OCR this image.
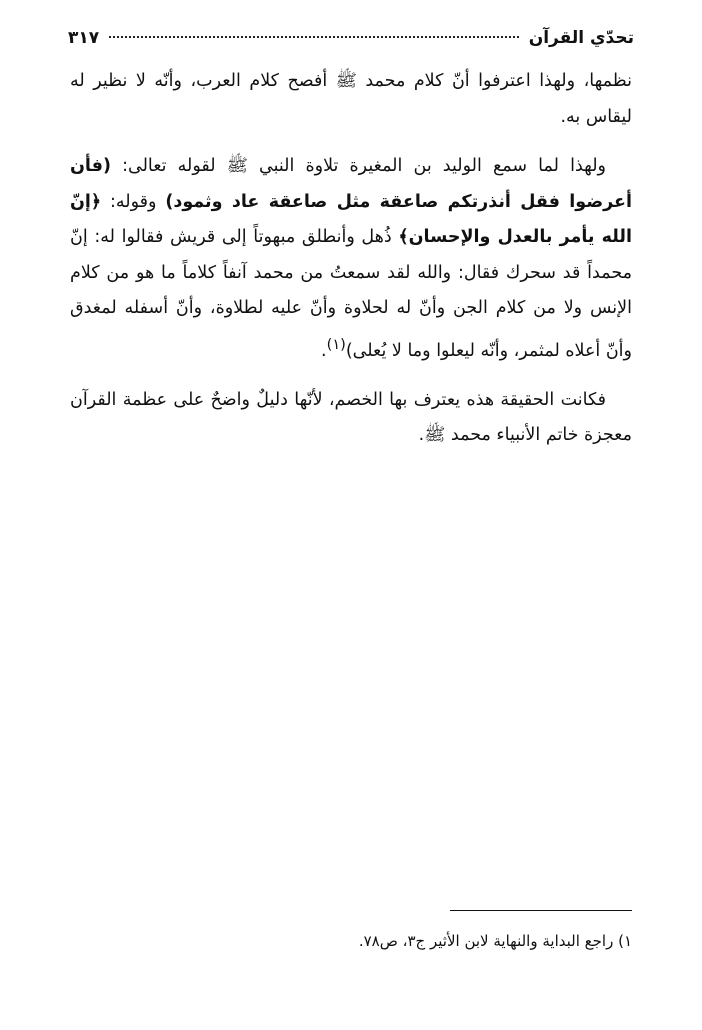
تحدّي القرآن
٣١٧

نظمها، ولهذا اعترفوا أنّ كلام محمد ﷺ أفصح كلام العرب، وأنّه لا نظير له ليقاس به.

ولهذا لما سمع الوليد بن المغيرة تلاوة النبي ﷺ لقوله تعالى: (فأن أعرضوا فقل أنذرتكم صاعقة مثل صاعقة عاد وثمود) وقوله: ﴿إنّ الله يأمر بالعدل والإحسان﴾ ذُهل وأنطلق مبهوتاً إلى قريش فقالوا له: إنّ محمداً قد سحرك فقال: والله لقد سمعتُ من محمد آنفاً كلاماً ما هو من كلام الإنس ولا من كلام الجن وأنّ له لحلاوة وأنّ عليه لطلاوة، وأنّ أسفله لمغدق وأنّ أعلاه لمثمر، وأنّه ليعلوا وما لا يُعلى)$^{(١)}$.

فكانت الحقيقة هذه يعترف بها الخصم، لأنّها دليلٌ واضحٌ على عظمة القرآن معجزة خاتم الأنبياء محمد ﷺ.

١) راجع البداية والنهاية لابن الأثير ج٣، ص٧٨.
